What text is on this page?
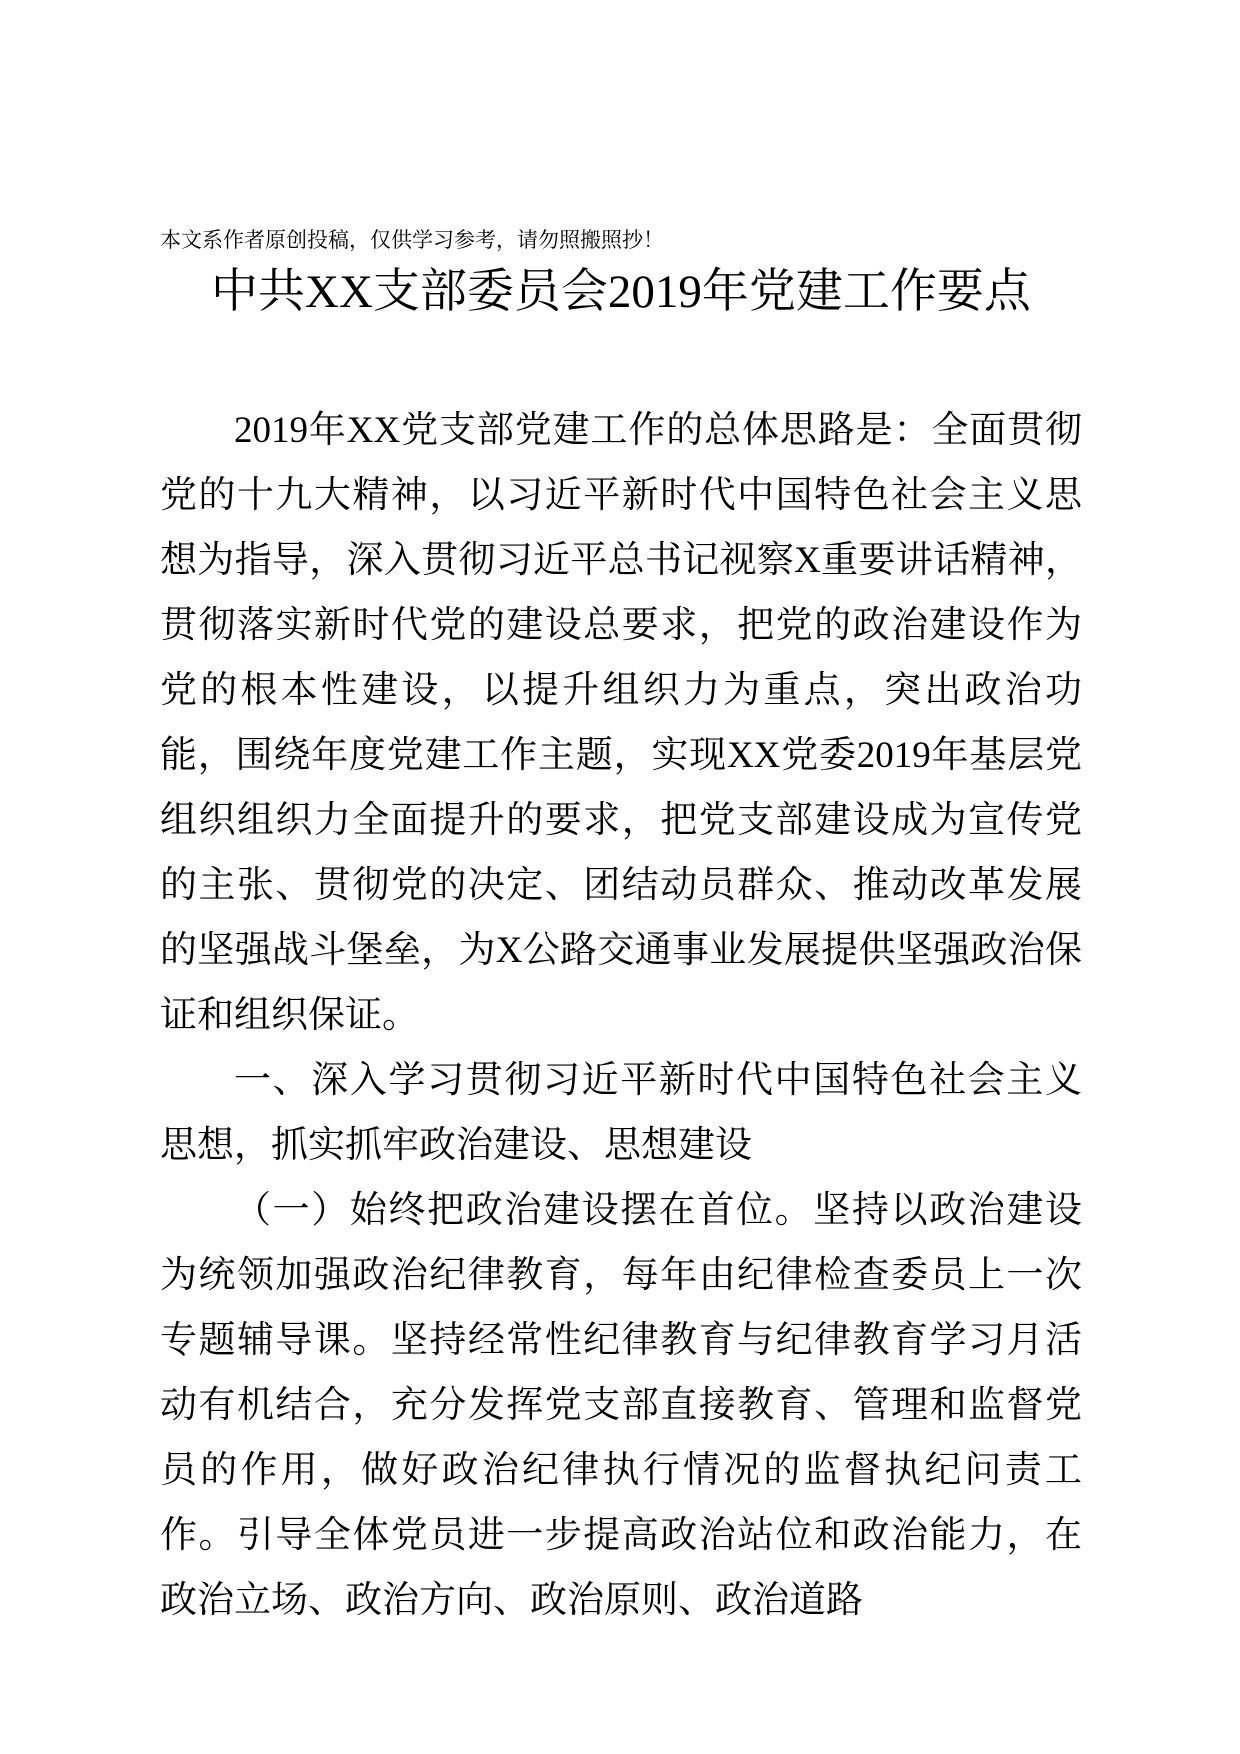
本文系作者原创投稿，仅供学习参考，请勿照搬照抄！

中共XX支部委员会2019年党建工作要点

2019年XX党支部党建工作的总体思路是：全面贯彻党的十九大精神，以习近平新时代中国特色社会主义思想为指导，深入贯彻习近平总书记视察X重要讲话精神，贯彻落实新时代党的建设总要求，把党的政治建设作为党的根本性建设，以提升组织力为重点，突出政治功能，围绕年度党建工作主题，实现XX党委2019年基层党组织组织力全面提升的要求，把党支部建设成为宣传党的主张、贯彻党的决定、团结动员群众、推动改革发展的坚强战斗堡垒，为X公路交通事业发展提供坚强政治保证和组织保证。

一、深入学习贯彻习近平新时代中国特色社会主义思想，抓实抓牢政治建设、思想建设

（一）始终把政治建设摆在首位。坚持以政治建设为统领加强政治纪律教育，每年由纪律检查委员上一次专题辅导课。坚持经常性纪律教育与纪律教育学习月活动有机结合，充分发挥党支部直接教育、管理和监督党员的作用，做好政治纪律执行情况的监督执纪问责工作。引导全体党员进一步提高政治站位和政治能力，在政治立场、政治方向、政治原则、政治道路
